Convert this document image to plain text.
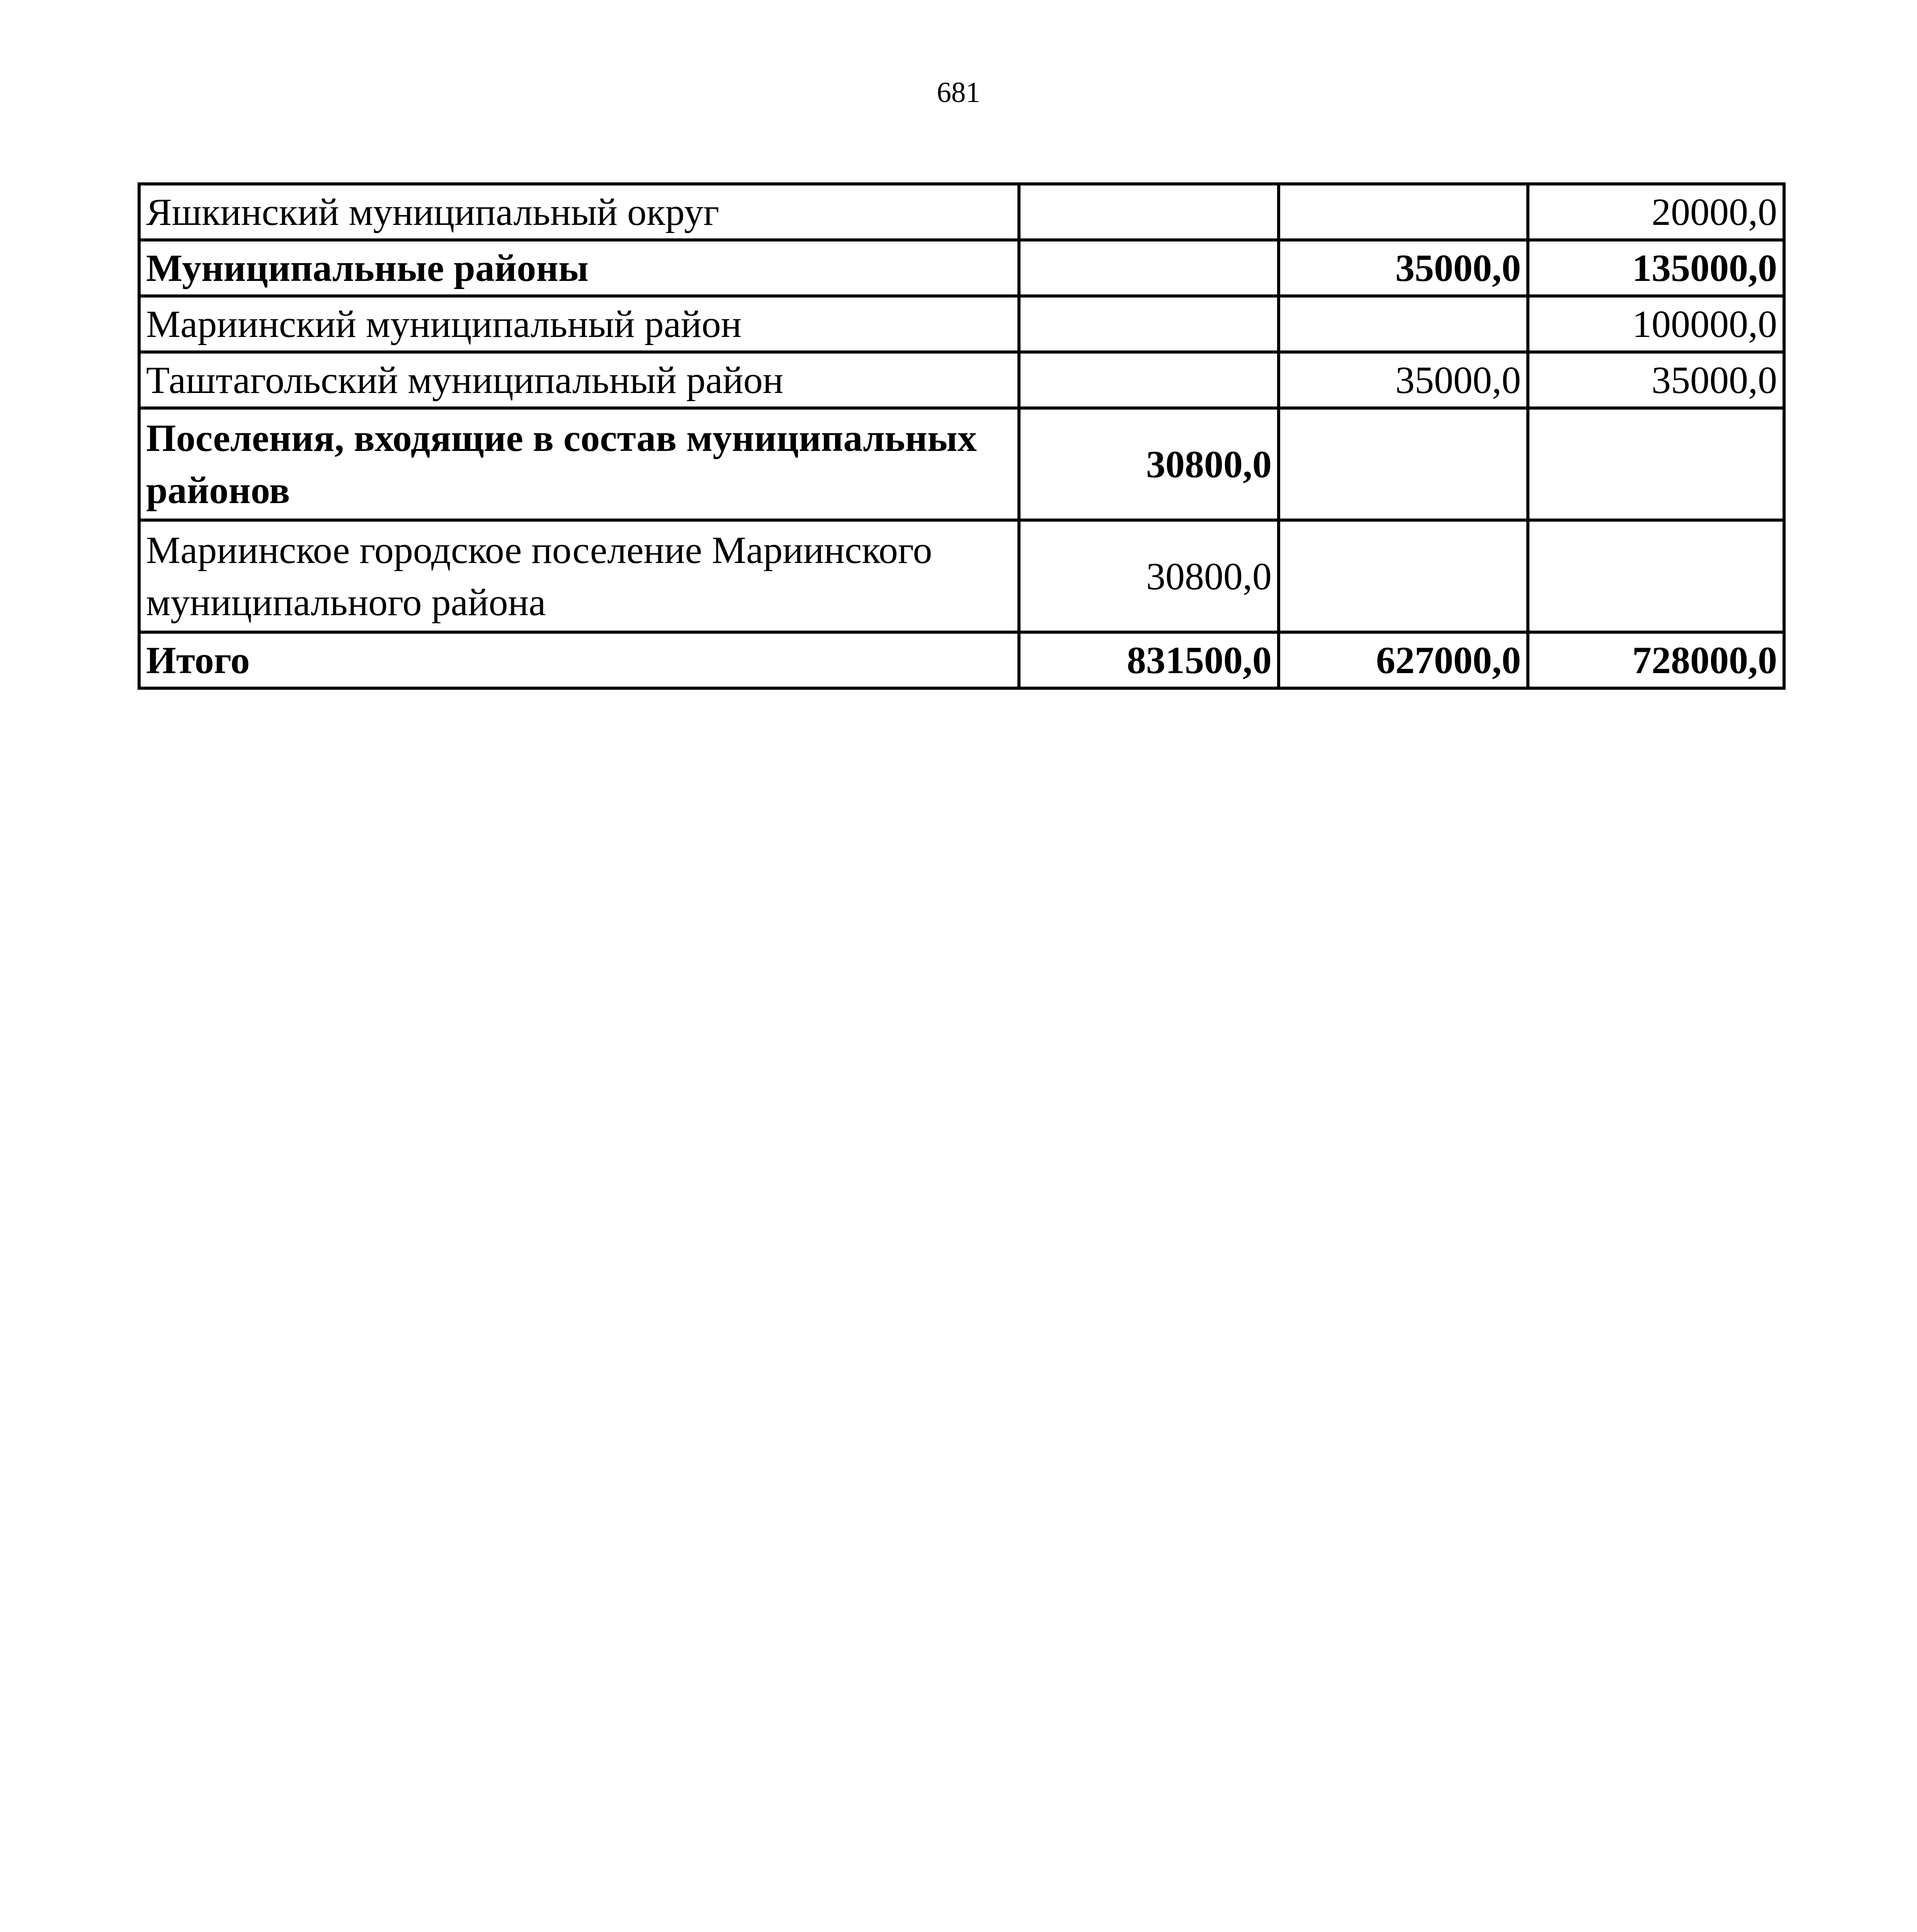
681
Яшкинский муниципальный округ			20000,0
Муниципальные районы		35000,0	135000,0
Мариинский муниципальный район			100000,0
Таштагольский муниципальный район		35000,0	35000,0
Поселения, входящие в состав муниципальных районов	30800,0		
Мариинское городское поселение Мариинского муниципального района	30800,0		
Итого	831500,0	627000,0	728000,0
